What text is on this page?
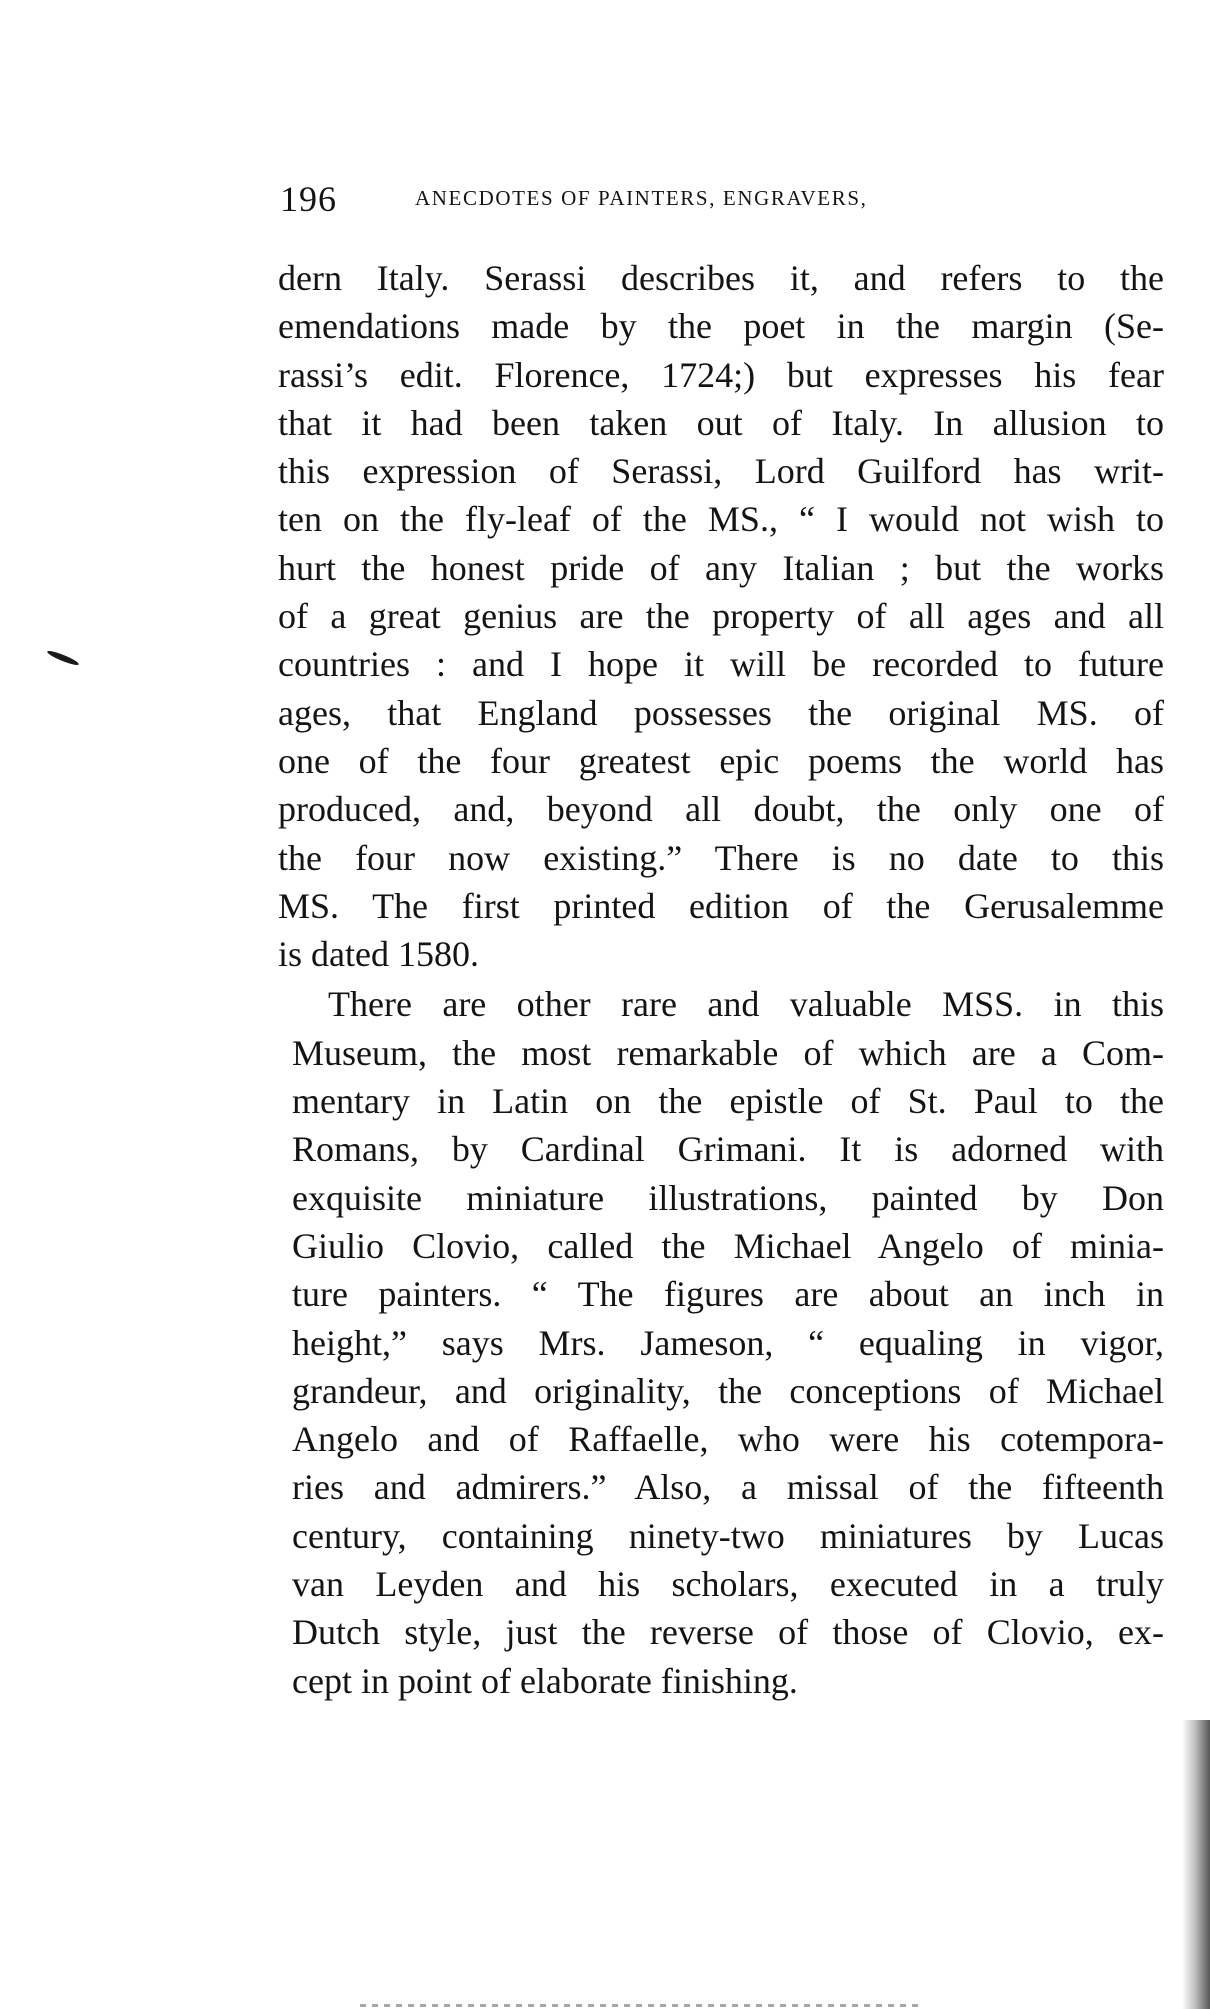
196	ANECDOTES OF PAINTERS, ENGRAVERS,
dern Italy. Serassi describes it, and refers to the
emendations made by the poet in the margin (Se-
rassi’s edit. Florence, 1724;) but expresses his fear
that it had been taken out of Italy. In allusion to
this expression of Serassi, Lord Guilford has writ-
ten on the fly-leaf of the MS., “ I would not wish to
hurt the honest pride of any Italian ; but the works
of a great genius are the property of all ages and all
countries : and I hope it will be recorded to future
ages, that England possesses the original MS. of
one of the four greatest epic poems the world has
produced, and, beyond all doubt, the only one of
the four now existing.” There is no date to this
MS. The first printed edition of the Gerusalemme
is dated 1580.
There are other rare and valuable MSS. in this
Museum, the most remarkable of which are a Com-
mentary in Latin on the epistle of St. Paul to the
Romans, by Cardinal Grimani. It is adorned with
exquisite miniature illustrations, painted by Don
Giulio Clovio, called the Michael Angelo of minia-
ture painters. “ The figures are about an inch in
height,” says Mrs. Jameson, “ equaling in vigor,
grandeur, and originality, the conceptions of Michael
Angelo and of Raffaelle, who were his cotempora-
ries and admirers.” Also, a missal of the fifteenth
century, containing ninety-two miniatures by Lucas
van Leyden and his scholars, executed in a truly
Dutch style, just the reverse of those of Clovio, ex-
cept in point of elaborate finishing.
